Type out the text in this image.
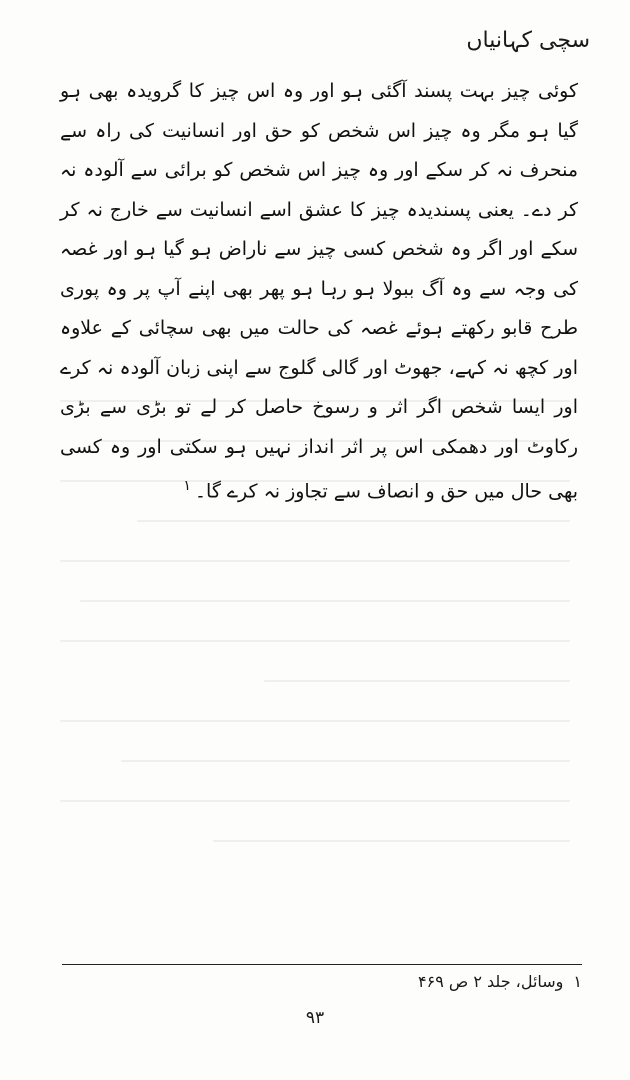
سچی کہانیاں
کوئی چیز بہت پسند آگئی ہو اور وہ اس چیز کا گرویدہ بھی ہو گیا ہو مگر وہ چیز اس شخص کو حق اور انسانیت کی راہ سے منحرف نہ کر سکے اور وہ چیز اس شخص کو برائی سے آلودہ نہ کر دے۔ یعنی پسندیدہ چیز کا عشق اسے انسانیت سے خارج نہ کر سکے اور اگر وہ شخص کسی چیز سے ناراض ہو گیا ہو اور غصہ کی وجہ سے وہ آگ ببولا ہو رہا ہو پھر بھی اپنے آپ پر وہ پوری طرح قابو رکھتے ہوئے غصہ کی حالت میں بھی سچائی کے علاوہ اور کچھ نہ کہے، جھوٹ اور گالی گلوج سے اپنی زبان آلودہ نہ کرے اور ایسا شخص اگر اثر و رسوخ حاصل کر لے تو بڑی سے بڑی رکاوٹ اور دھمکی اس پر اثر انداز نہیں ہو سکتی اور وہ کسی بھی حال میں حق و انصاف سے تجاوز نہ کرے گا۔$^۱$
۱وسائل، جلد ۲ ص ۴۶۹
۹۳
